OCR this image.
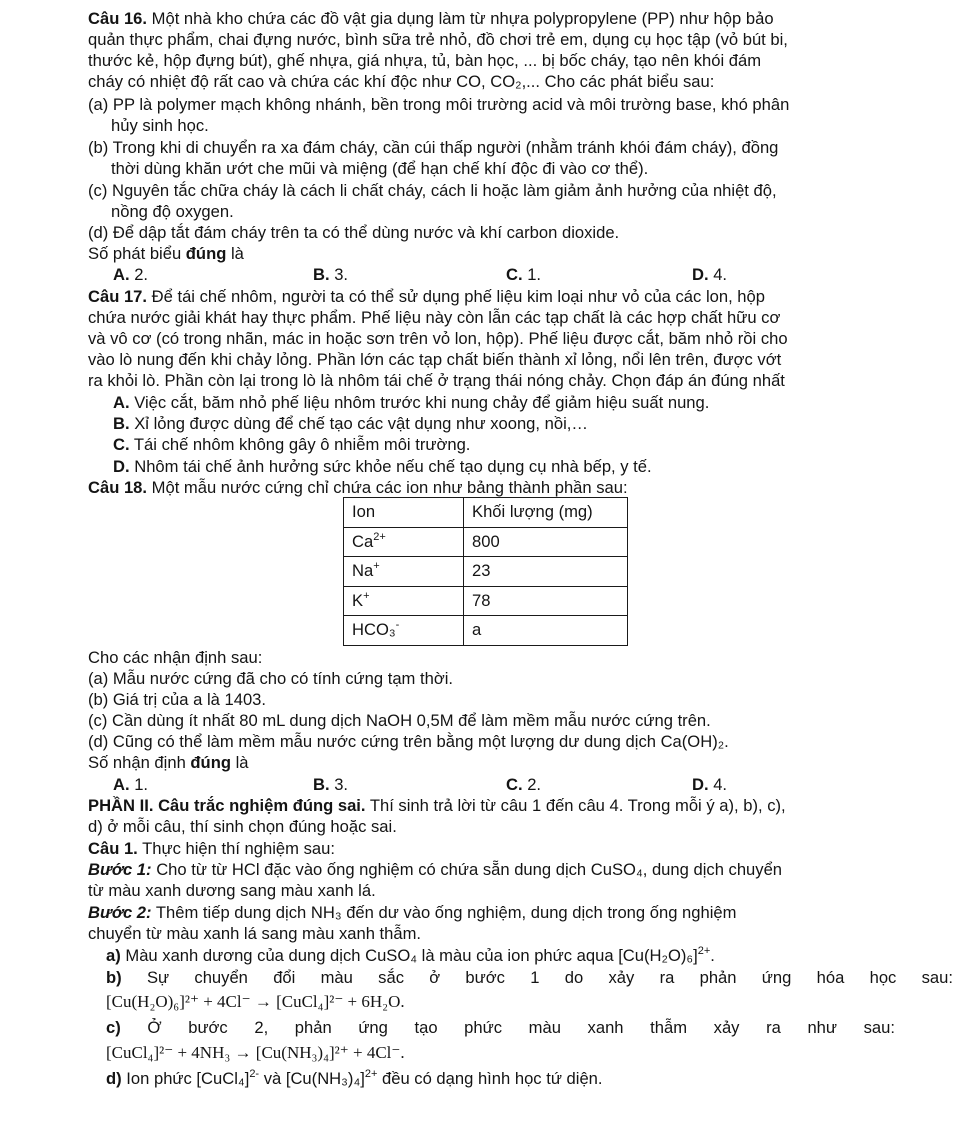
Câu 16. Một nhà kho chứa các đồ vật gia dụng làm từ nhựa polypropylene (PP) như hộp bảo
quản thực phẩm, chai đựng nước, bình sữa trẻ nhỏ, đồ chơi trẻ em, dụng cụ học tập (vỏ bút bi,
thước kẻ, hộp đựng bút), ghế nhựa, giá nhựa, tủ, bàn học, ... bị bốc cháy, tạo nên khói đám
cháy có nhiệt độ rất cao và chứa các khí độc như CO, CO₂,... Cho các phát biểu sau:
(a) PP là polymer mạch không nhánh, bền trong môi trường acid và môi trường base, khó phân
hủy sinh học.
(b) Trong khi di chuyển ra xa đám cháy, cần cúi thấp người (nhằm tránh khói đám cháy), đồng
thời dùng khăn ướt che mũi và miệng (để hạn chế khí độc đi vào cơ thể).
(c) Nguyên tắc chữa cháy là cách li chất cháy, cách li hoặc làm giảm ảnh hưởng của nhiệt độ,
nồng độ oxygen.
(d) Để dập tắt đám cháy trên ta có thể dùng nước và khí carbon dioxide.
Số phát biểu đúng là
A. 2.	B. 3.	C. 1.	D. 4.
Câu 17. Để tái chế nhôm, người ta có thể sử dụng phế liệu kim loại như vỏ của các lon, hộp
chứa nước giải khát hay thực phẩm. Phế liệu này còn lẫn các tạp chất là các hợp chất hữu cơ
và vô cơ (có trong nhãn, mác in hoặc sơn trên vỏ lon, hộp). Phế liệu được cắt, băm nhỏ rồi cho
vào lò nung đến khi chảy lỏng. Phần lớn các tạp chất biến thành xỉ lỏng, nổi lên trên, được vớt
ra khỏi lò. Phần còn lại trong lò là nhôm tái chế ở trạng thái nóng chảy. Chọn đáp án đúng nhất
A. Việc cắt, băm nhỏ phế liệu nhôm trước khi nung chảy để giảm hiệu suất nung.
B. Xỉ lỏng được dùng để chế tạo các vật dụng như xoong, nồi,…
C. Tái chế nhôm không gây ô nhiễm môi trường.
D. Nhôm tái chế ảnh hưởng sức khỏe nếu chế tạo dụng cụ nhà bếp, y tế.
Câu 18. Một mẫu nước cứng chỉ chứa các ion như bảng thành phần sau:
Ion	Khối lượng (mg)
$Ca^{2+}$	800
Na+	23
K+	78
HCO₃-	a
Cho các nhận định sau:
(a) Mẫu nước cứng đã cho có tính cứng tạm thời.
(b) Giá trị của a là 1403.
(c) Cần dùng ít nhất 80 mL dung dịch NaOH 0,5M để làm mềm mẫu nước cứng trên.
(d) Cũng có thể làm mềm mẫu nước cứng trên bằng một lượng dư dung dịch Ca(OH)₂.
Số nhận định đúng là
A. 1.	B. 3.	C. 2.	D. 4.
PHẦN II. Câu trắc nghiệm đúng sai. Thí sinh trả lời từ câu 1 đến câu 4. Trong mỗi ý a), b), c),
d) ở mỗi câu, thí sinh chọn đúng hoặc sai.
Câu 1. Thực hiện thí nghiệm sau:
Bước 1: Cho từ từ HCl đặc vào ống nghiệm có chứa sẵn dung dịch CuSO₄, dung dịch chuyển
từ màu xanh dương sang màu xanh lá.
Bước 2: Thêm tiếp dung dịch NH₃ đến dư vào ống nghiệm, dung dịch trong ống nghiệm
chuyển từ màu xanh lá sang màu xanh thẫm.
a) Màu xanh dương của dung dịch CuSO₄ là màu của ion phức aqua $[Cu(H_2O)_6]^{2+}$.
b) Sự chuyển đổi màu sắc ở bước 1 do xảy ra phản ứng hóa học sau:
[Cu(H₂O)₆]²⁺ + 4Cl⁻ → [CuCl₄]²⁻ + 6H₂O.
c) Ở bước 2, phản ứng tạo phức màu xanh thẫm xảy ra như sau:
[CuCl₄]²⁻ + 4NH₃ → [Cu(NH₃)₄]²⁺ + 4Cl⁻.
d) Ion phức [CuCl₄]$^{2-}$ và $[Cu(NH_3)_4]^{2+}$ đều có dạng hình học tứ diện.
